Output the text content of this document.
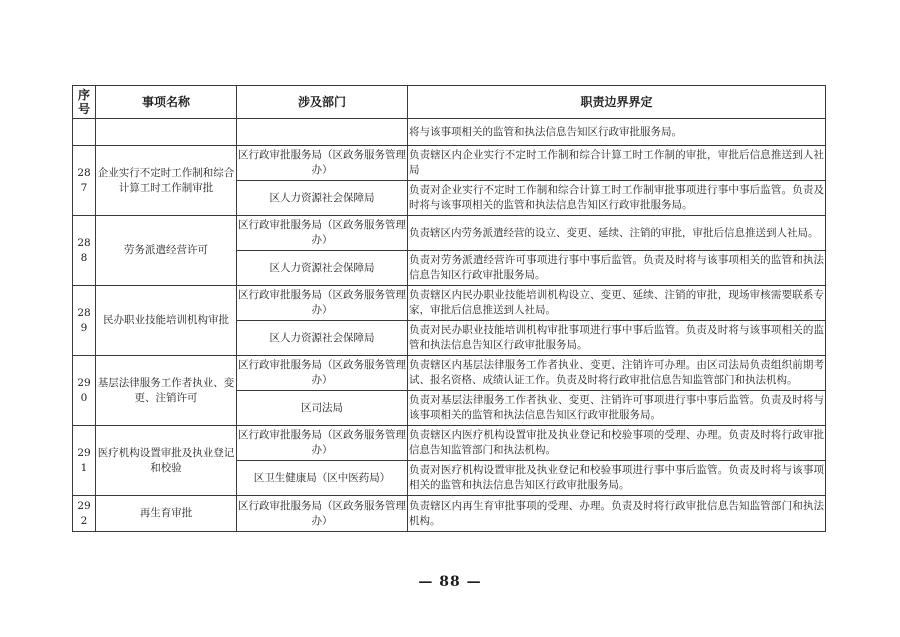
序号	事项名称	涉及部门	职责边界界定
			将与该事项相关的监管和执法信息告知区行政审批服务局。
287	企业实行不定时工作制和综合计算工时工作制审批	区行政审批服务局（区政务服务管理办）	负责辖区内企业实行不定时工作制和综合计算工时工作制的审批，审批后信息推送到人社局
		区人力资源社会保障局	负责对企业实行不定时工作制和综合计算工时工作制审批事项进行事中事后监管。负责及时将与该事项相关的监管和执法信息告知区行政审批服务局。
288	劳务派遣经营许可	区行政审批服务局（区政务服务管理办）	负责辖区内劳务派遣经营的设立、变更、延续、注销的审批，审批后信息推送到人社局。
		区人力资源社会保障局	负责对劳务派遣经营许可事项进行事中事后监管。负责及时将与该事项相关的监管和执法信息告知区行政审批服务局。
289	民办职业技能培训机构审批	区行政审批服务局（区政务服务管理办）	负责辖区内民办职业技能培训机构设立、变更、延续、注销的审批，现场审核需要联系专家，审批后信息推送到人社局。
		区人力资源社会保障局	负责对民办职业技能培训机构审批事项进行事中事后监管。负责及时将与该事项相关的监管和执法信息告知区行政审批服务局。
290	基层法律服务工作者执业、变更、注销许可	区行政审批服务局（区政务服务管理办）	负责辖区内基层法律服务工作者执业、变更、注销许可办理。由区司法局负责组织前期考试、报名资格、成绩认证工作。负责及时将行政审批信息告知监管部门和执法机构。
		区司法局	负责对基层法律服务工作者执业、变更、注销许可事项进行事中事后监管。负责及时将与该事项相关的监管和执法信息告知区行政审批服务局。
291	医疗机构设置审批及执业登记和校验	区行政审批服务局（区政务服务管理办）	负责辖区内医疗机构设置审批及执业登记和校验事项的受理、办理。负责及时将行政审批信息告知监管部门和执法机构。
		区卫生健康局（区中医药局）	负责对医疗机构设置审批及执业登记和校验事项进行事中事后监管。负责及时将与该事项相关的监管和执法信息告知区行政审批服务局。
292	再生育审批	区行政审批服务局（区政务服务管理办）	负责辖区内再生育审批事项的受理、办理。负责及时将行政审批信息告知监管部门和执法机构。
— 88 —
